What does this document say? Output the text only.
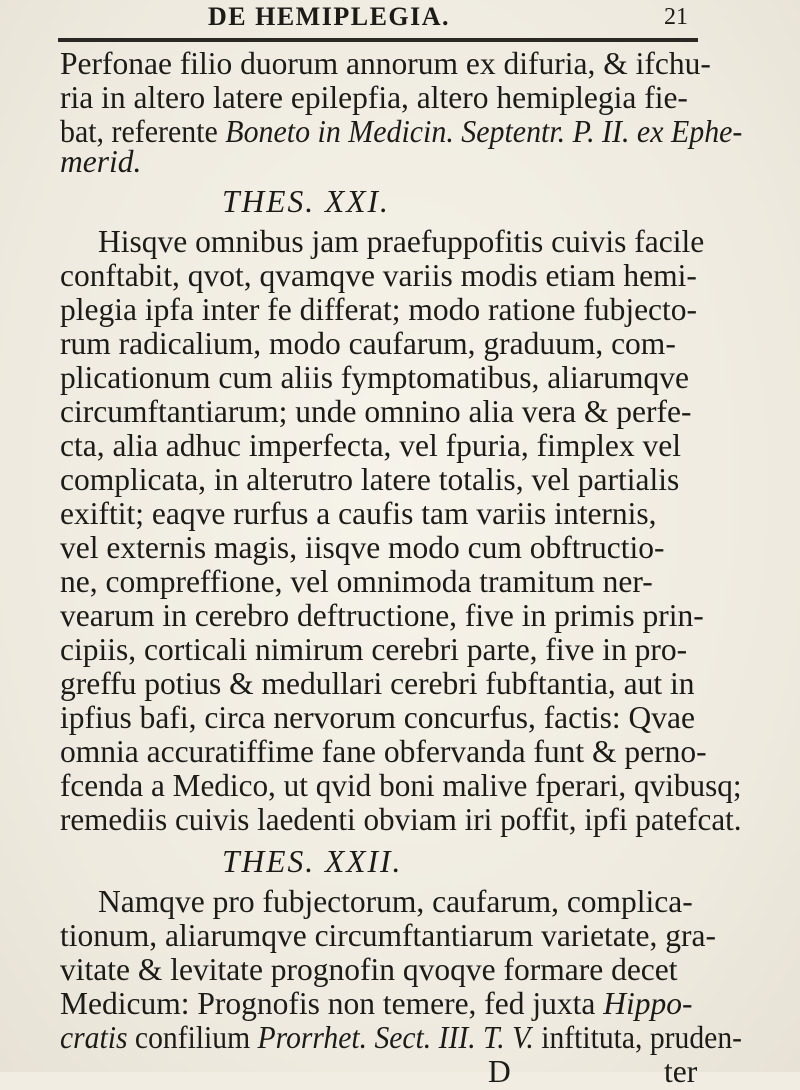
DE HEMIPLEGIA.	21
Perfonae filio duorum annorum ex difuria, & ifchu-
ria in altero latere epilepfia, altero hemiplegia fie-
bat, referente Boneto in Medicin. Septentr. P. II. ex Ephe-
merid.
THES. XXI.
Hisqve omnibus jam praefuppofitis cuivis facile
conftabit, qvot, qvamqve variis modis etiam hemi-
plegia ipfa inter fe differat; modo ratione fubjecto-
rum radicalium, modo caufarum, graduum, com-
plicationum cum aliis fymptomatibus, aliarumqve
circumftantiarum; unde omnino alia vera & perfe-
cta, alia adhuc imperfecta, vel fpuria, fimplex vel
complicata, in alterutro latere totalis, vel partialis
exiftit; eaqve rurfus a caufis tam variis internis,
vel externis magis, iisqve modo cum obftructio-
ne, compreffione, vel omnimoda tramitum ner-
vearum in cerebro deftructione, five in primis prin-
cipiis, corticali nimirum cerebri parte, five in pro-
greffu potius & medullari cerebri fubftantia, aut in
ipfius bafi, circa nervorum concurfus, factis: Qvae
omnia accuratiffime fane obfervanda funt & perno-
fcenda a Medico, ut qvid boni malive fperari, qvibusq;
remediis cuivis laedenti obviam iri poffit, ipfi patefcat.
THES. XXII.
Namqve pro fubjectorum, caufarum, complica-
tionum, aliarumqve circumftantiarum varietate, gra-
vitate & levitate prognofin qvoqve formare decet
Medicum: Prognofis non temere, fed juxta Hippo-
cratis confilium Prorrhet. Sect. III. T. V. inftituta, pruden-
D	ter
